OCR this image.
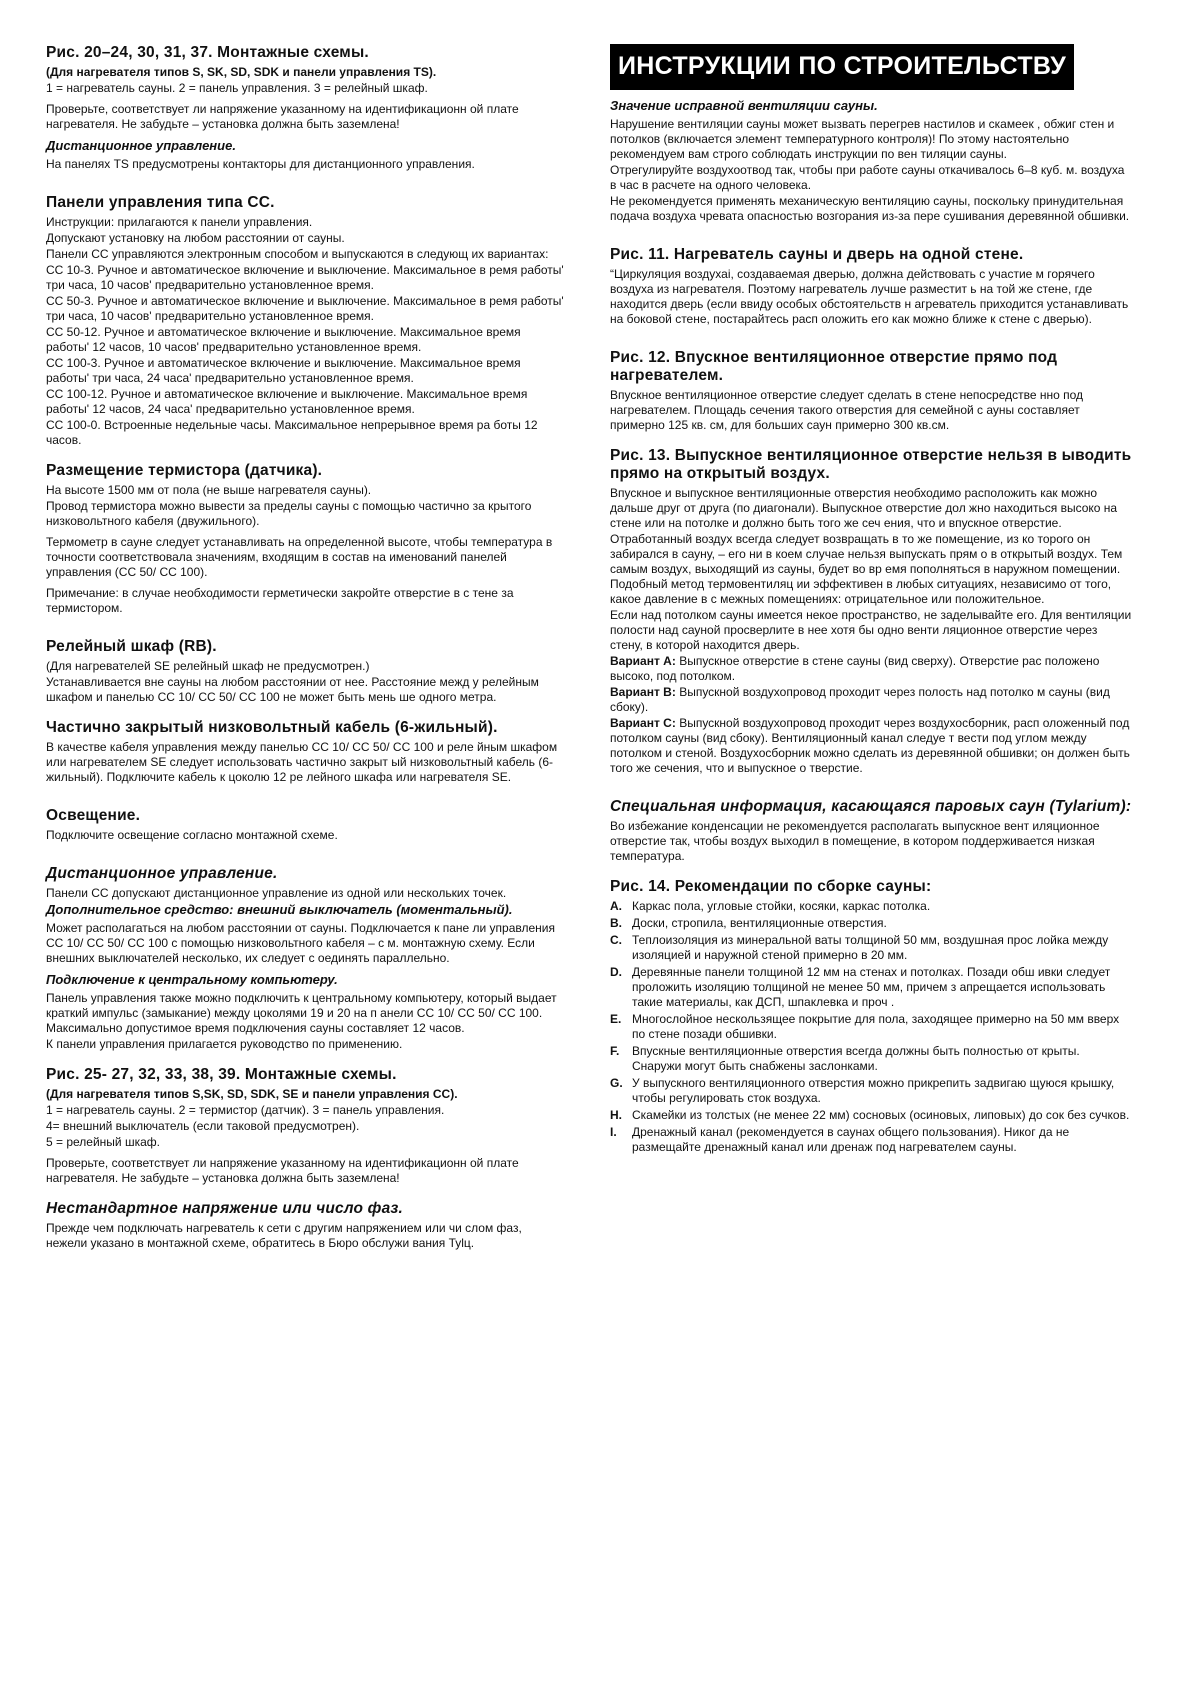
Рис. 20–24, 30, 31, 37. Монтажные схемы.

(Для нагревателя типов S, SK, SD, SDK и панели управления TS).

1 = нагреватель сауны. 2 = панель управления. 3 = релейный шкаф.

Проверьте, соответствует ли напряжение указанному на идентификационн ой плате нагревателя. Не забудьте – установка должна быть заземлена!

Дистанционное управление.

На панелях TS предусмотрены контакторы для дистанционного управления.

Панели управления типа CC.

Инструкции: прилагаются к панели управления.

Допускают установку на любом расстоянии от сауны.

Панели CC управляются электронным способом и выпускаются в следующ их вариантах:

CC 10-3. Ручное и автоматическое включение и выключение. Максимальное в ремя работы' три часа, 10 часов' предварительно установленное время.

CC 50-3. Ручное и автоматическое включение и выключение. Максимальное в ремя работы' три часа, 10 часов' предварительно установленное время.

CC 50-12. Ручное и автоматическое включение и выключение. Максимальное время работы' 12 часов, 10 часов' предварительно установленное время.

CC 100-3. Ручное и автоматическое включение и выключение. Максимальное время работы' три часа, 24 часа' предварительно установленное время.

CC 100-12. Ручное и автоматическое включение и выключение. Максимальное время работы' 12 часов, 24 часа' предварительно установленное время.

CC 100-0. Встроенные недельные часы. Максимальное непрерывное время ра боты 12 часов.

Размещение термистора (датчика).

На высоте 1500 мм от пола (не выше нагревателя сауны).

Провод термистора можно вывести за пределы сауны с помощью частично за крытого низковольтного кабеля (двужильного).

Термометр в сауне следует устанавливать на определенной высоте, чтобы температура в точности соответствовала значениям, входящим в состав на именований панелей управления (CC 50/ CC 100).

Примечание: в случае необходимости герметически закройте отверстие в с тене за термистором.

Релейный шкаф (RB).

(Для нагревателей SE релейный шкаф не предусмотрен.)

Устанавливается вне сауны на любом расстоянии от нее. Расстояние межд у релейным шкафом и панелью CC 10/ CC 50/ CC 100 не может быть мень ше одного метра.

Частично закрытый низковольтный кабель (6-жильный).

В качестве кабеля управления между панелью CC 10/ CC 50/ CC 100 и реле йным шкафом или нагревателем SE следует использовать частично закрыт ый низковольтный кабель (6-жильный). Подключите кабель к цоколю 12 ре лейного шкафа или нагревателя SE.

Освещение.

Подключите освещение согласно монтажной схеме.

Дистанционное управление.

Панели CC допускают дистанционное управление из одной или нескольких точек.

Дополнительное средство: внешний выключатель (моментальный).

Может располагаться на любом расстоянии от сауны. Подключается к пане ли управления CC 10/ CC 50/ CC 100 с помощью низковольтного кабеля – с м. монтажную схему. Если внешних выключателей несколько, их следует с оединять параллельно.

Подключение к центральному компьютеру.

Панель управления также можно подключить к центральному компьютеру, который выдает краткий импульс (замыкание) между цоколями 19 и 20 на п анели CC 10/ CC 50/ CC 100. Максимально допустимое время подключения сауны составляет 12 часов.

К панели управления прилагается руководство по применению.

Рис. 25- 27, 32, 33, 38, 39. Монтажные схемы.

(Для нагревателя типов S,SK, SD, SDK, SE и панели управления CC).

1 = нагреватель сауны. 2 = термистор (датчик). 3 = панель управления.

4= внешний выключатель (если таковой предусмотрен).

5 = релейный шкаф.

Проверьте, соответствует ли напряжение указанному на идентификационн ой плате нагревателя. Не забудьте – установка должна быть заземлена!

Нестандартное напряжение или число фаз.

Прежде чем подключать нагреватель к сети с другим напряжением или чи слом фаз, нежели указано в монтажной схеме, обратитесь в Бюро обслужи вания Tylц.

ИНСТРУКЦИИ ПО СТРОИТЕЛЬСТВУ
Значение исправной вентиляции сауны.

Нарушение вентиляции сауны может вызвать перегрев настилов и скамеек , обжиг стен и потолков (включается элемент температурного контроля)! По этому настоятельно рекомендуем вам строго соблюдать инструкции по вен тиляции сауны.

Отрегулируйте воздухоотвод так, чтобы при работе сауны откачивалось 6–8 куб. м. воздуха в час в расчете на одного человека.

Не рекомендуется применять механическую вентиляцию сауны, поскольку принудительная подача воздуха чревата опасностью возгорания из-за пере сушивания деревянной обшивки.

Рис. 11. Нагреватель сауны и дверь на одной стене.

“Циркуляция воздухаі, создаваемая дверью, должна действовать с участие м горячего воздуха из нагревателя. Поэтому нагреватель лучше разместит ь на той же стене, где находится дверь (если ввиду особых обстоятельств н агреватель приходится устанавливать на боковой стене, постарайтесь расп оложить его как можно ближе к стене с дверью).

Рис. 12. Впускное вентиляционное отверстие прямо под нагревателем.

Впускное вентиляционное отверстие следует сделать в стене непосредстве нно под нагревателем. Площадь сечения такого отверстия для семейной с ауны составляет примерно 125 кв. см, для больших саун примерно 300 кв.см.

Рис. 13. Выпускное вентиляционное отверстие нельзя в ыводить прямо на открытый воздух.

Впускное и выпускное вентиляционные отверстия необходимо расположить как можно дальше друг от друга (по диагонали). Выпускное отверстие дол жно находиться высоко на стене или на потолке и должно быть того же сеч ения, что и впускное отверстие.

Отработанный воздух всегда следует возвращать в то же помещение, из ко торого он забирался в сауну, – его ни в коем случае нельзя выпускать прям о в открытый воздух. Тем самым воздух, выходящий из сауны, будет во вр емя пополняться в наружном помещении. Подобный метод термовентиляц ии эффективен в любых ситуациях, независимо от того, какое давление в с межных помещениях: отрицательное или положительное.

Если над потолком сауны имеется некое пространство, не заделывайте его. Для вентиляции полости над сауной просверлите в нее хотя бы одно венти ляционное отверстие через стену, в которой находится дверь.

Вариант A: Выпускное отверстие в стене сауны (вид сверху). Отверстие рас положено высоко, под потолком.

Вариант B: Выпускной воздухопровод проходит через полость над потолко м сауны (вид сбоку).

Вариант C: Выпускной воздухопровод проходит через воздухосборник, расп оложенный под потолком сауны (вид сбоку). Вентиляционный канал следуе т вести под углом между потолком и стеной. Воздухосборник можно сделать из деревянной обшивки; он должен быть того же сечения, что и выпускное о тверстие.

Специальная информация, касающаяся паровых саун (Tylarium):

Во избежание конденсации не рекомендуется располагать выпускное вент иляционное отверстие так, чтобы воздух выходил в помещение, в котором поддерживается низкая температура.

Рис. 14. Рекомендации по сборке сауны:
A. Каркас пола, угловые стойки, косяки, каркас потолка.
B. Доски, стропила, вентиляционные отверстия.
C. Теплоизоляция из минеральной ваты толщиной 50 мм, воздушная прос лойка между изоляцией и наружной стеной примерно в 20 мм.
D. Деревянные панели толщиной 12 мм на стенах и потолках. Позади обш ивки следует проложить изоляцию толщиной не менее 50 мм, причем з апрещается использовать такие материалы, как ДСП, шпаклевка и проч .
E. Многослойное нескользящее покрытие для пола, заходящее примерно на 50 мм вверх по стене позади обшивки.
F.	Впускные вентиляционные отверстия всегда должны быть полностью от крыты. Снаружи могут быть снабжены заслонками.
G. У выпускного вентиляционного отверстия можно прикрепить задвигаю щуюся крышку, чтобы регулировать сток воздуха.
H. Скамейки из толстых (не менее 22 мм) сосновых (осиновых, липовых) до сок без сучков.
I.	Дренажный канал (рекомендуется в саунах общего пользования). Никог да не размещайте дренажный канал или дренаж под нагревателем сауны.
